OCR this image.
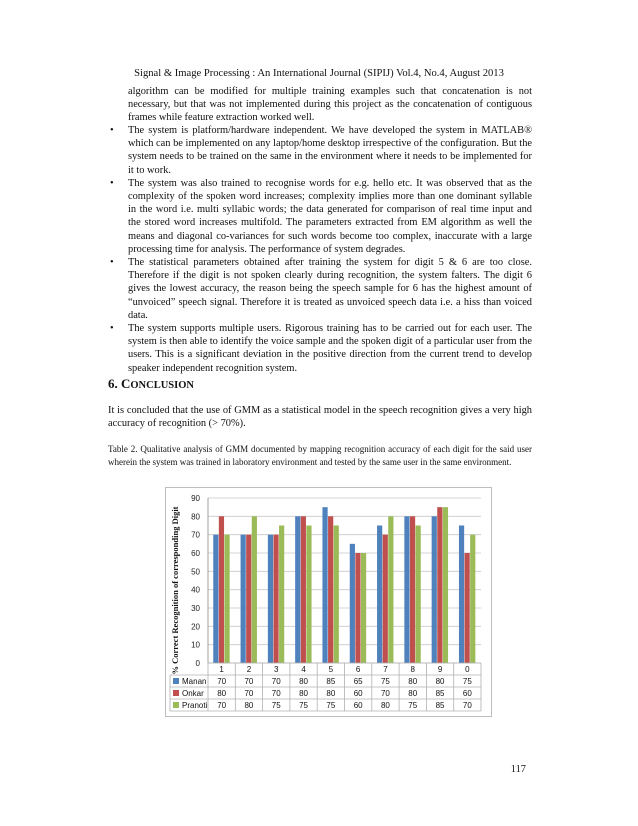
Signal & Image Processing : An International Journal (SIPIJ) Vol.4, No.4, August 2013
algorithm can be modified for multiple training examples such that concatenation is not necessary, but that was not implemented during this project as the concatenation of contiguous frames while feature extraction worked well.
• The system is platform/hardware independent. We have developed the system in MATLAB® which can be implemented on any laptop/home desktop irrespective of the configuration. But the system needs to be trained on the same in the environment where it needs to be implemented for it to work.
• The system was also trained to recognise words for e.g. hello etc. It was observed that as the complexity of the spoken word increases; complexity implies more than one dominant syllable in the word i.e. multi syllabic words; the data generated for comparison of real time input and the stored word increases multifold. The parameters extracted from EM algorithm as well the means and diagonal co-variances for such words become too complex, inaccurate with a large processing time for analysis. The performance of system degrades.
• The statistical parameters obtained after training the system for digit 5 & 6 are too close. Therefore if the digit is not spoken clearly during recognition, the system falters. The digit 6 gives the lowest accuracy, the reason being the speech sample for 6 has the highest amount of “unvoiced” speech signal. Therefore it is treated as unvoiced speech data i.e. a hiss than voiced data.
• The system supports multiple users. Rigorous training has to be carried out for each user. The system is then able to identify the voice sample and the spoken digit of a particular user from the users. This is a significant deviation in the positive direction from the current trend to develop speaker independent recognition system.
6. CONCLUSION
It is concluded that the use of GMM as a statistical model in the speech recognition gives a very high accuracy of recognition (> 70%).
Table 2. Qualitative analysis of GMM documented by mapping recognition accuracy of each digit for the said user wherein the system was trained in laboratory environment and tested by the same user in the same environment.
0
10
20
30
40
50
60
70
80
90
% Correct Recognition of corresponding Digit	1	2	3	4	5	6	7	8	9	0
Manan 70 70 70 80 85 65 75 80 80 75
Onkar 80 70 70 80 80 60 70 80 85 60
Pranoti 70 80 75 75 75 60 80 75 85 70
117
